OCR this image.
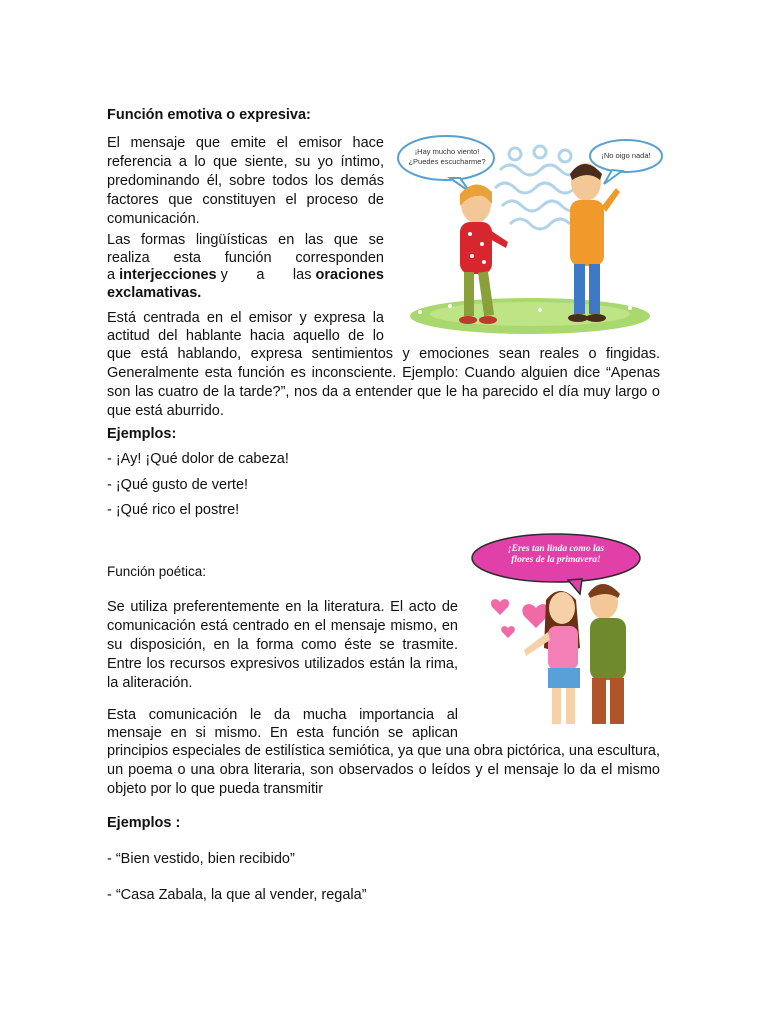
Función emotiva o expresiva:

El mensaje que emite el emisor hace referencia a lo que siente, su yo íntimo, predominando él, sobre todos los demás factores que constituyen el proceso de comunicación.

Las formas lingüísticas en las que se

realiza esta función corresponden

a interjecciones y a las oraciones

exclamativas.

Está centrada en el emisor y expresa la

actitud del hablante hacia aquello de lo

que está hablando, expresa sentimientos y emociones sean reales o fingidas. Generalmente esta función es inconsciente. Ejemplo: Cuando alguien dice “Apenas son las cuatro de la tarde?”, nos da a entender que le ha parecido el día muy largo o que está aburrido.

Ejemplos:

- ¡Ay! ¡Qué dolor de cabeza!

- ¡Qué gusto de verte!

- ¡Qué rico el postre!

¡Hay mucho viento!
¿Puedes escucharme?
¡No oigo nada!

Función poética:

Se utiliza preferentemente en la literatura. El acto de comunicación está centrado en el mensaje mismo, en su disposición, en la forma como éste se trasmite. Entre los recursos expresivos utilizados están la rima, la aliteración.

Esta comunicación le da mucha importancia al

mensaje en si mismo. En esta función se aplican

principios especiales de estilística semiótica, ya que una obra pictórica, una escultura, un poema o una obra literaria, son observados o leídos y el mensaje lo da el mismo objeto por lo que pueda transmitir

Ejemplos :

- “Bien vestido, bien recibido”

- “Casa Zabala, la que al vender, regala”

¡Eres tan linda como las
flores de la primavera!
